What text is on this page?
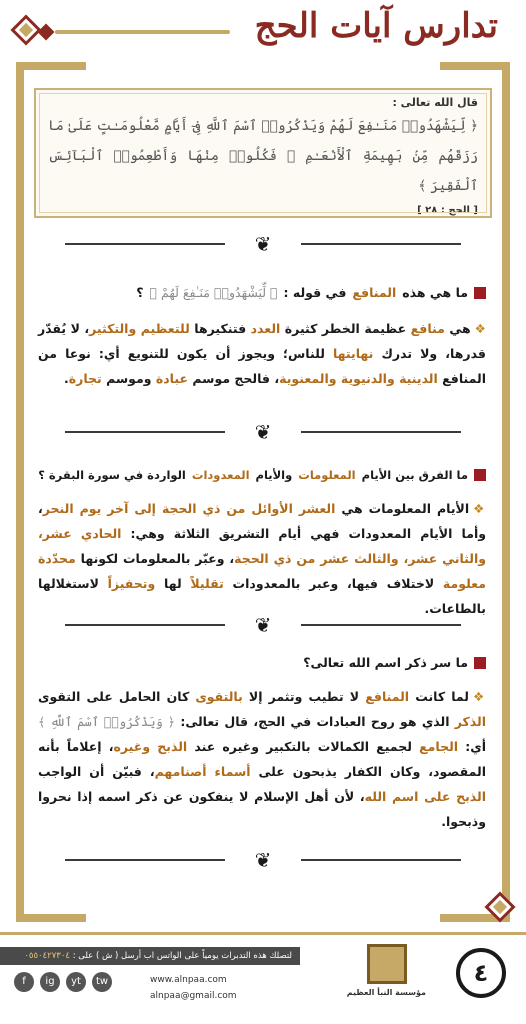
تدارس آيات الحج
قال الله تعالى :
﴿ لِّيَشْهَدُوا۟ مَنَـٰفِعَ لَهُمْ وَيَذْكُرُوا۟ ٱسْمَ ٱللَّهِ فِىٓ أَيَّامٍ مَّعْلُومَـٰتٍ عَلَىٰ مَا رَزَقَهُم مِّنۢ بَهِيمَةِ ٱلْأَنْعَـٰمِ ۖ فَكُلُوا۟ مِنْهَا وَأَطْعِمُوا۟ ٱلْبَآئِسَ ٱلْفَقِيرَ ﴾
[ الحج : ٢٨ ]
❦
ما هي هذه
المنافع
في قوله :
﴿ لِّيَشْهَدُوا۟ مَنَـٰفِعَ لَهُمْ ﴾
؟
❖هي منافع عظيمة الخطر كثيرة العدد فتنكيرها للتعظيم والتكثير، لا يُقدّر قدرها، ولا تدرك نهايتها للناس؛ ويجوز أن يكون للتنويع أي: نوعا من المنافع الدينية والدنيوية والمعنوية، فالحج موسم عبادة وموسم تجارة.
❦
ما الفرق بين الأيام
المعلومات
والأيام
المعدودات
الواردة في سورة البقرة ؟
❖الأيام المعلومات هي العشر الأوائل من ذي الحجة إلى آخر يوم النحر، وأما الأيام المعدودات فهي أيام التشريق الثلاثة وهي: الحادي عشر، والثاني عشر، والثالث عشر من ذي الحجة، وعبّر بالمعلومات لكونها محدّدة معلومة لاختلاف فيها، وعبر بالمعدودات تقليلاً لها وتحفيزاً لاستغلالها بالطاعات.
❦
ما سر ذكر اسم الله تعالى؟
❖لما كانت المنافع لا تطيب وتثمر إلا بالتقوى كان الحامل على التقوى الذكر الذي هو روح العبادات في الحج، قال تعالى: ﴿ وَيَذْكُرُوا۟ ٱسْمَ ٱللَّهِ ﴾ أي: الجامع لجميع الكمالات بالتكبير وغيره عند الذبح وغيره، إعلاماً بأنه المقصود، وكان الكفار يذبحون على أسماء أصنامهم، فبيّن أن الواجب الذبح على اسم الله، لأن أهل الإسلام لا ينفكون عن ذكر اسمه إذا نحروا وذبحوا.
❦
٤
مؤسسة النبأ العظيم
لتصلك هذه التدبرات يومياً على الواتس اب أرسل ( ش ) على : ٠٥٥٠٤٢٧٣٠٤
www.alnpaa.com
alnpaa@gmail.com
f	ig	yt	tw
